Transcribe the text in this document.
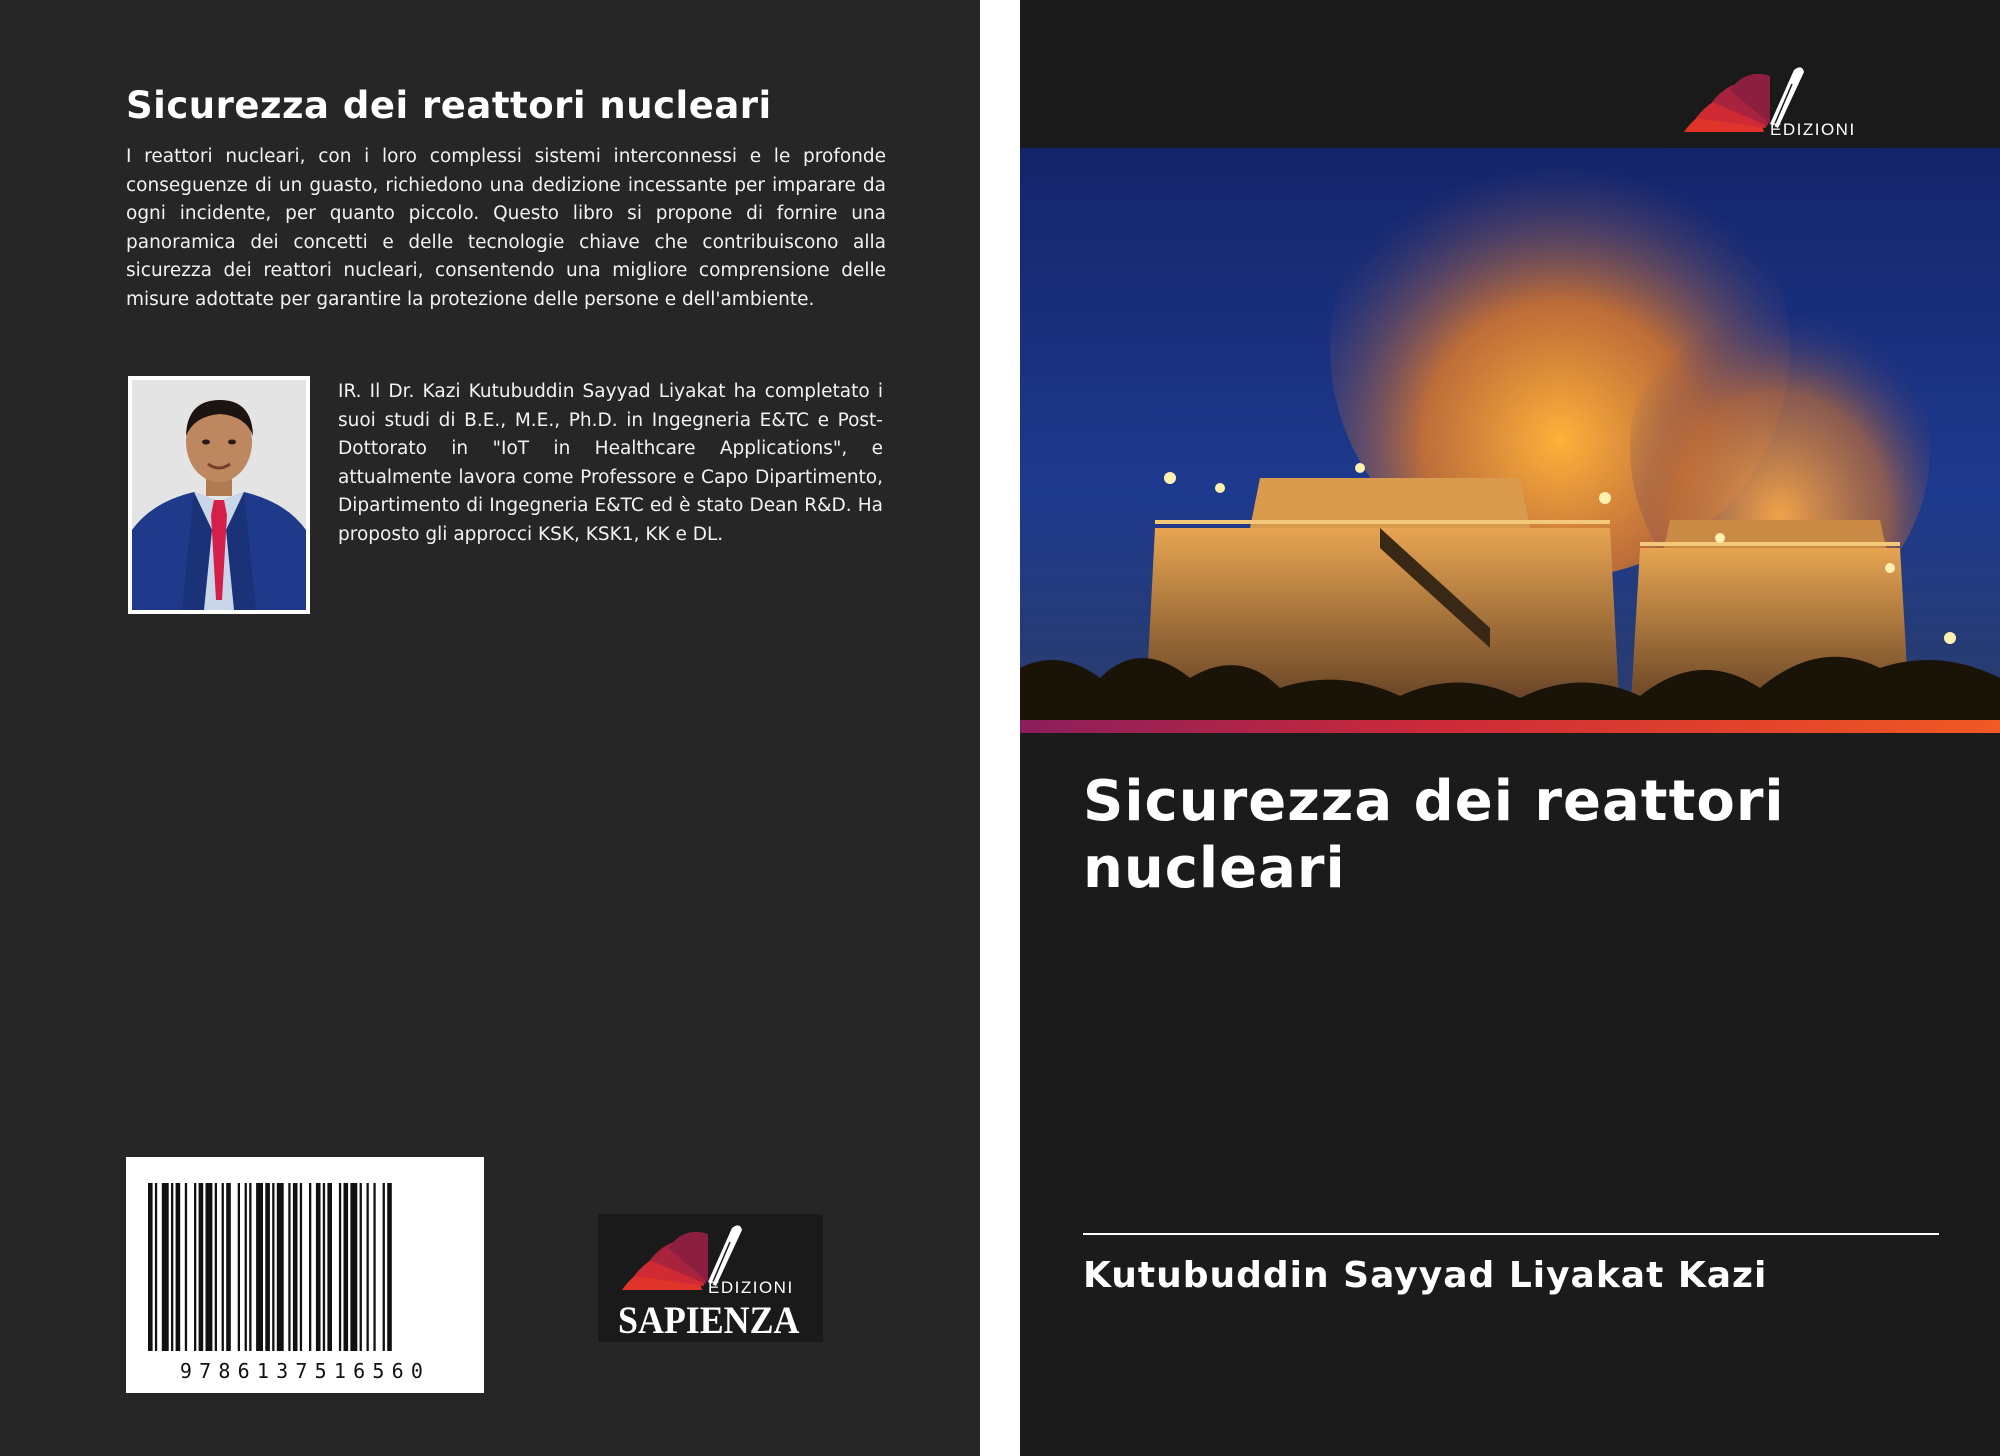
Sicurezza dei reattori nucleari
I reattori nucleari, con i loro complessi sistemi interconnessi e le profonde conseguenze di un guasto, richiedono una dedizione incessante per imparare da ogni incidente, per quanto piccolo. Questo libro si propone di fornire una panoramica dei concetti e delle tecnologie chiave che contribuiscono alla sicurezza dei reattori nucleari, consentendo una migliore comprensione delle misure adottate per garantire la protezione delle persone e dell'ambiente.
IR. Il Dr. Kazi Kutubuddin Sayyad Liyakat ha completato i suoi studi di B.E., M.E., Ph.D. in Ingegneria E&TC e Post-Dottorato in "IoT in Healthcare Applications", e attualmente lavora come Professore e Capo Dipartimento, Dipartimento di Ingegneria E&TC ed è stato Dean R&D. Ha proposto gli approcci KSK, KSK1, KK e DL.
9786137516560
EDIZIONI
SAPIENZA
EDIZIONI
Sicurezza dei reattori nucleari
Kutubuddin Sayyad Liyakat Kazi
